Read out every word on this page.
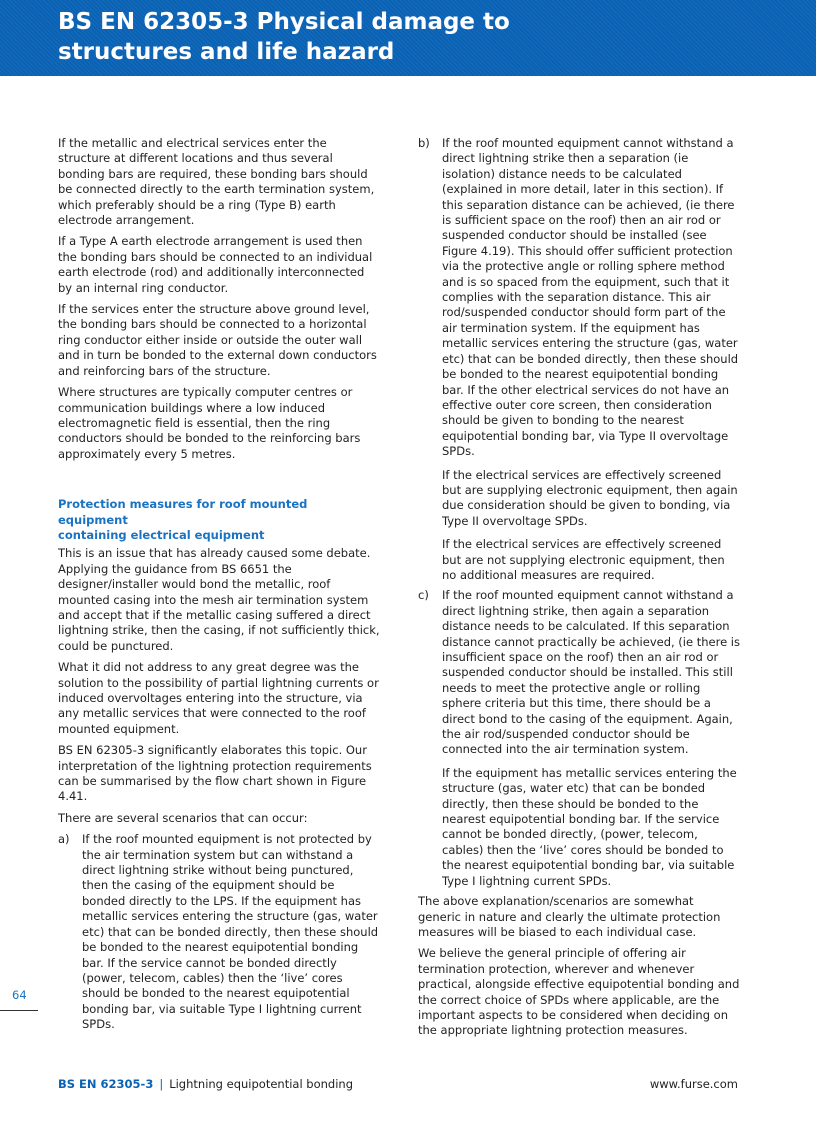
BS EN 62305-3 Physical damage to
structures and life hazard

If the metallic and electrical services enter the structure at different locations and thus several bonding bars are required, these bonding bars should be connected directly to the earth termination system, which preferably should be a ring (Type B) earth electrode arrangement.

If a Type A earth electrode arrangement is used then the bonding bars should be connected to an individual earth electrode (rod) and additionally interconnected by an internal ring conductor.

If the services enter the structure above ground level, the bonding bars should be connected to a horizontal ring conductor either inside or outside the outer wall and in turn be bonded to the external down conductors and reinforcing bars of the structure.

Where structures are typically computer centres or communication buildings where a low induced electromagnetic field is essential, then the ring conductors should be bonded to the reinforcing bars approximately every 5 metres.

Protection measures for roof mounted equipment
containing electrical equipment

This is an issue that has already caused some debate. Applying the guidance from BS 6651 the designer/installer would bond the metallic, roof mounted casing into the mesh air termination system and accept that if the metallic casing suffered a direct lightning strike, then the casing, if not sufficiently thick, could be punctured.

What it did not address to any great degree was the solution to the possibility of partial lightning currents or induced overvoltages entering into the structure, via any metallic services that were connected to the roof mounted equipment.

BS EN 62305-3 significantly elaborates this topic. Our interpretation of the lightning protection requirements can be summarised by the flow chart shown in Figure 4.41.

There are several scenarios that can occur:

a) If the roof mounted equipment is not protected by the air termination system but can withstand a direct lightning strike without being punctured, then the casing of the equipment should be bonded directly to the LPS. If the equipment has metallic services entering the structure (gas, water etc) that can be bonded directly, then these should be bonded to the nearest equipotential bonding bar. If the service cannot be bonded directly (power, telecom, cables) then the ‘live’ cores should be bonded to the nearest equipotential bonding bar, via suitable Type I lightning current SPDs.

b) If the roof mounted equipment cannot withstand a direct lightning strike then a separation (ie isolation) distance needs to be calculated (explained in more detail, later in this section). If this separation distance can be achieved, (ie there is sufficient space on the roof) then an air rod or suspended conductor should be installed (see Figure 4.19). This should offer sufficient protection via the protective angle or rolling sphere method and is so spaced from the equipment, such that it complies with the separation distance. This air rod/suspended conductor should form part of the air termination system. If the equipment has metallic services entering the structure (gas, water etc) that can be bonded directly, then these should be bonded to the nearest equipotential bonding bar. If the other electrical services do not have an effective outer core screen, then consideration should be given to bonding to the nearest equipotential bonding bar, via Type II overvoltage SPDs.

If the electrical services are effectively screened but are supplying electronic equipment, then again due consideration should be given to bonding, via Type II overvoltage SPDs.

If the electrical services are effectively screened but are not supplying electronic equipment, then no additional measures are required.

c) If the roof mounted equipment cannot withstand a direct lightning strike, then again a separation distance needs to be calculated. If this separation distance cannot practically be achieved, (ie there is insufficient space on the roof) then an air rod or suspended conductor should be installed. This still needs to meet the protective angle or rolling sphere criteria but this time, there should be a direct bond to the casing of the equipment. Again, the air rod/suspended conductor should be connected into the air termination system.

If the equipment has metallic services entering the structure (gas, water etc) that can be bonded directly, then these should be bonded to the nearest equipotential bonding bar. If the service cannot be bonded directly, (power, telecom, cables) then the ‘live’ cores should be bonded to the nearest equipotential bonding bar, via suitable Type I lightning current SPDs.

The above explanation/scenarios are somewhat generic in nature and clearly the ultimate protection measures will be biased to each individual case.

We believe the general principle of offering air termination protection, wherever and whenever practical, alongside effective equipotential bonding and the correct choice of SPDs where applicable, are the important aspects to be considered when deciding on the appropriate lightning protection measures.

64
BS EN 62305-3 | Lightning equipotential bonding	www.furse.com
